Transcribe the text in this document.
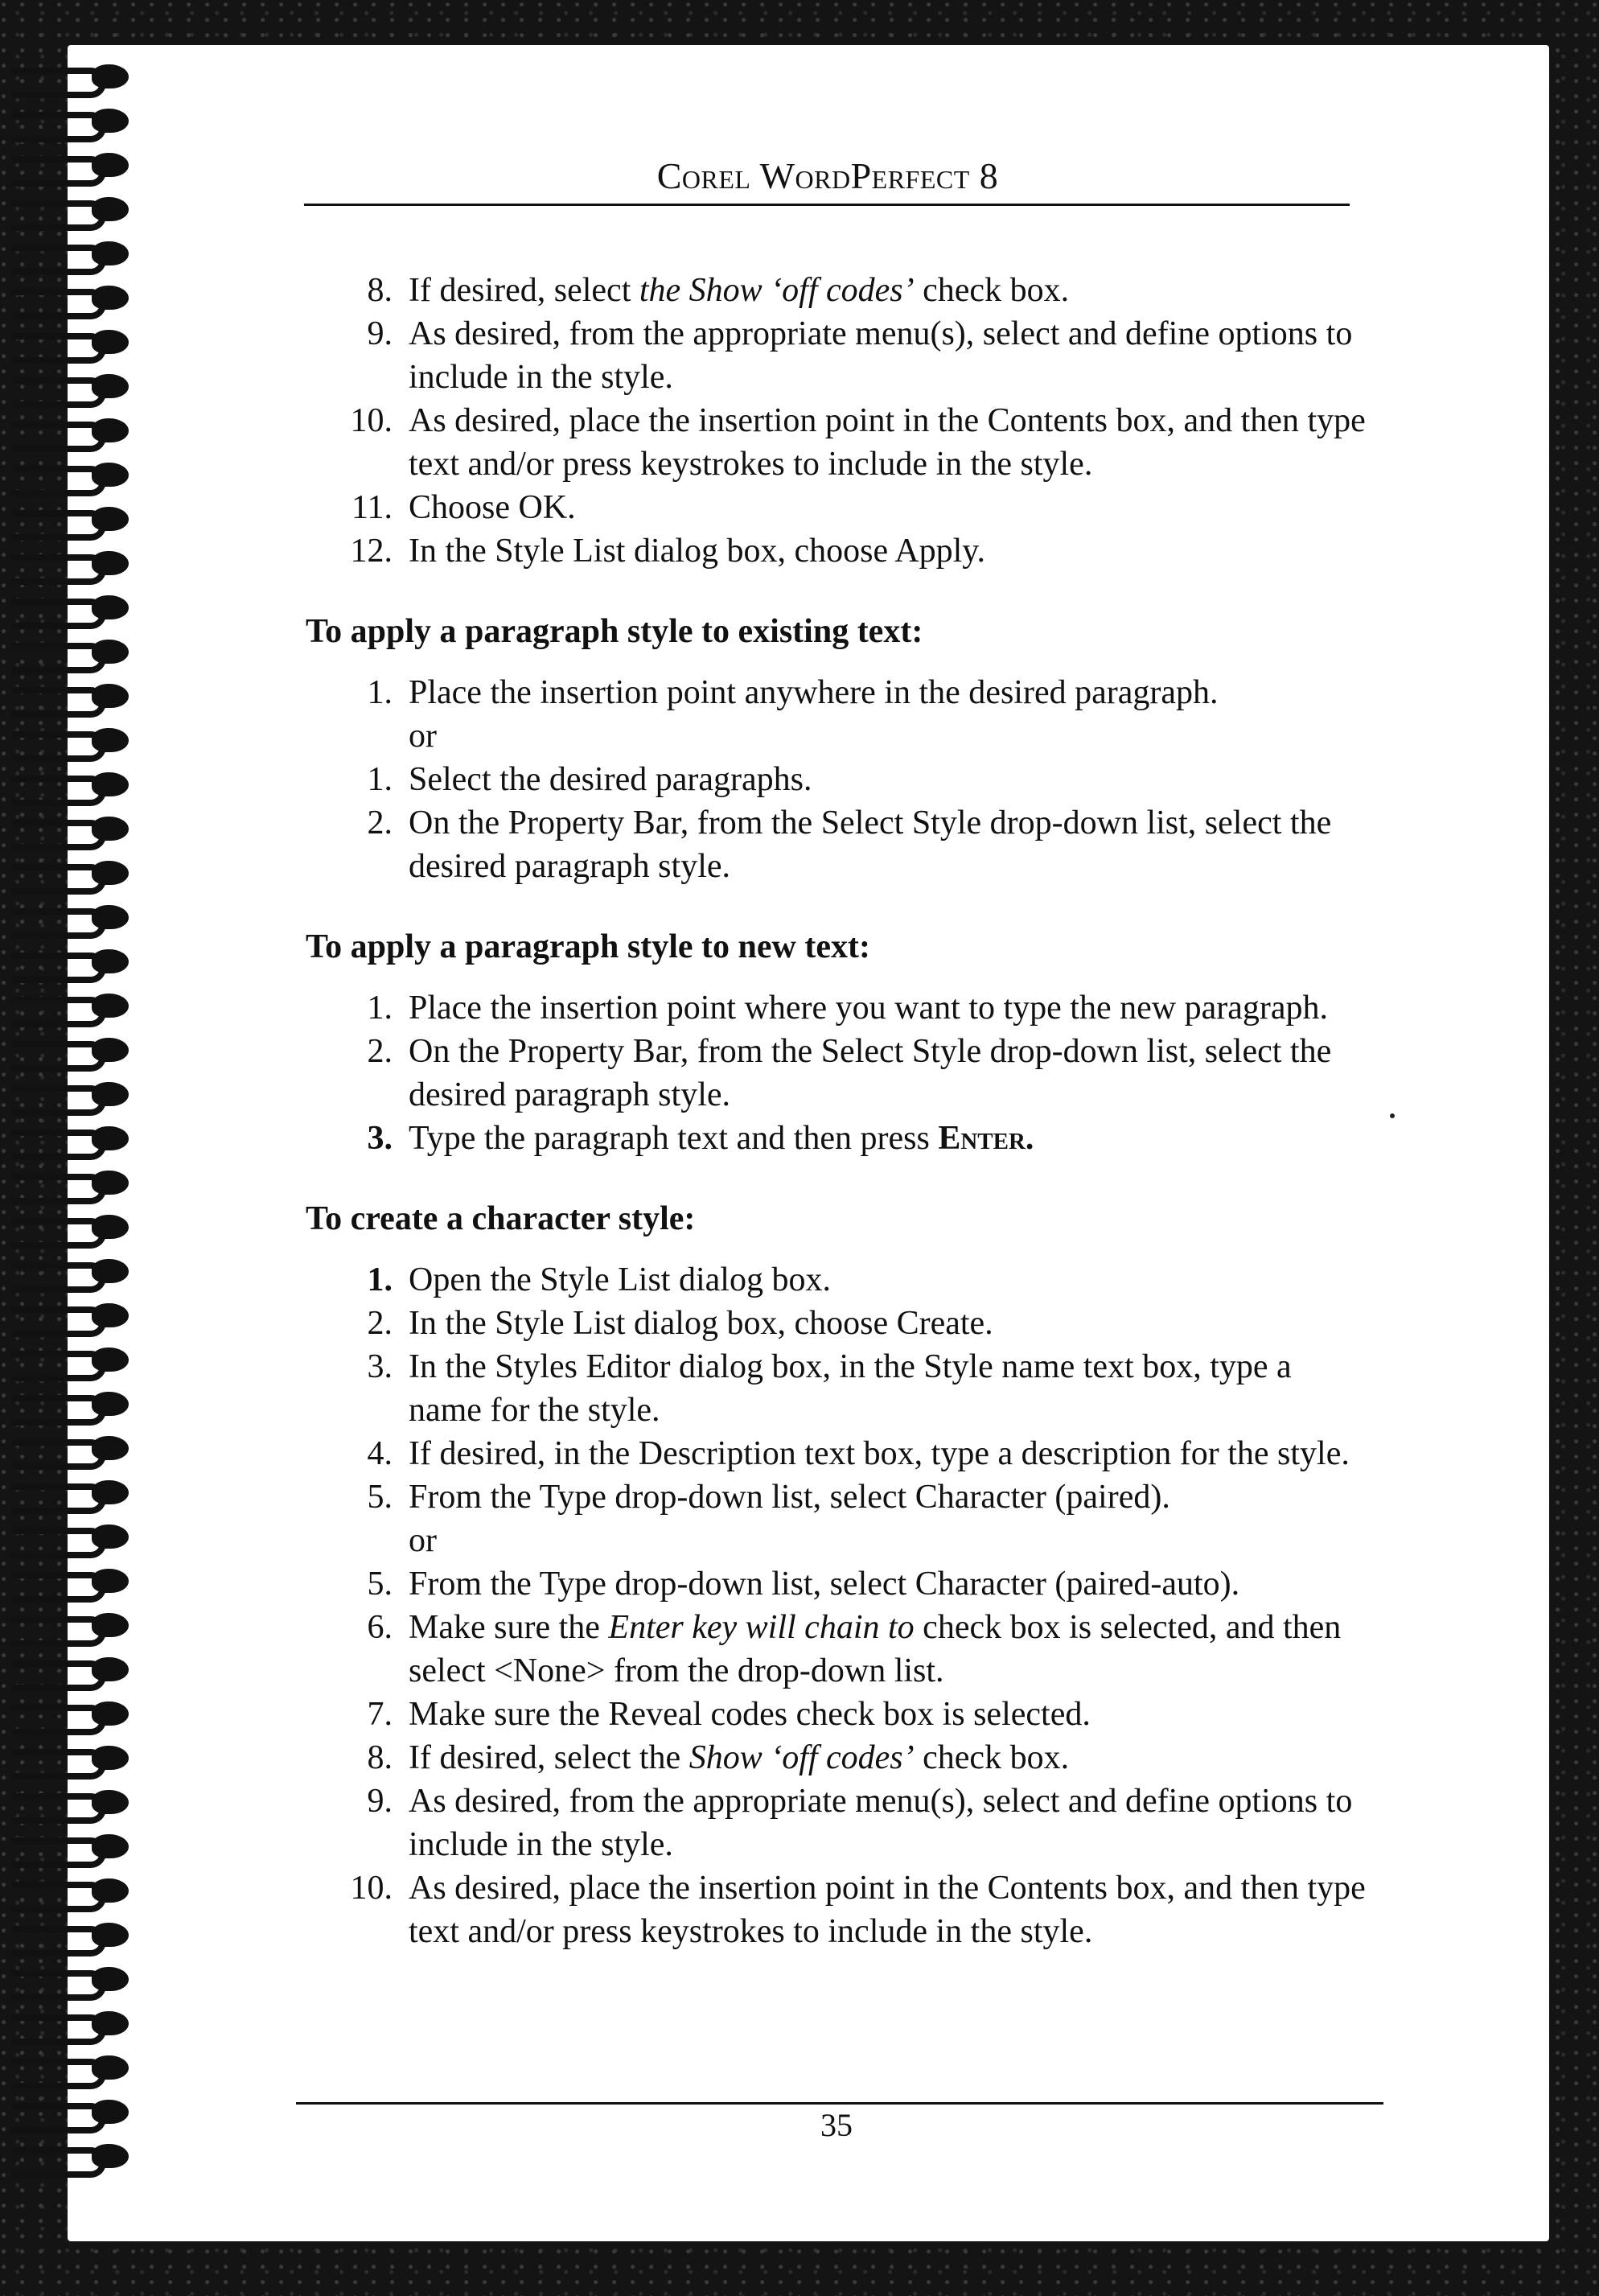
Corel WordPerfect 8
8. If desired, select the Show ‘off codes’ check box.
9. As desired, from the appropriate menu(s), select and define options to include in the style.
10. As desired, place the insertion point in the Contents box, and then type text and/or press keystrokes to include in the style.
11. Choose OK.
12. In the Style List dialog box, choose Apply.
To apply a paragraph style to existing text:
1. Place the insertion point anywhere in the desired paragraph.
or
1. Select the desired paragraphs.
2. On the Property Bar, from the Select Style drop-down list, select the desired paragraph style.
To apply a paragraph style to new text:
1. Place the insertion point where you want to type the new paragraph.
2. On the Property Bar, from the Select Style drop-down list, select the desired paragraph style.
3. Type the paragraph text and then press Enter.
To create a character style:
1. Open the Style List dialog box.
2. In the Style List dialog box, choose Create.
3. In the Styles Editor dialog box, in the Style name text box, type a name for the style.
4. If desired, in the Description text box, type a description for the style.
5. From the Type drop-down list, select Character (paired).
or
5. From the Type drop-down list, select Character (paired-auto).
6. Make sure the Enter key will chain to check box is selected, and then select <None> from the drop-down list.
7. Make sure the Reveal codes check box is selected.
8. If desired, select the Show ‘off codes’ check box.
9. As desired, from the appropriate menu(s), select and define options to include in the style.
10. As desired, place the insertion point in the Contents box, and then type text and/or press keystrokes to include in the style.
35
